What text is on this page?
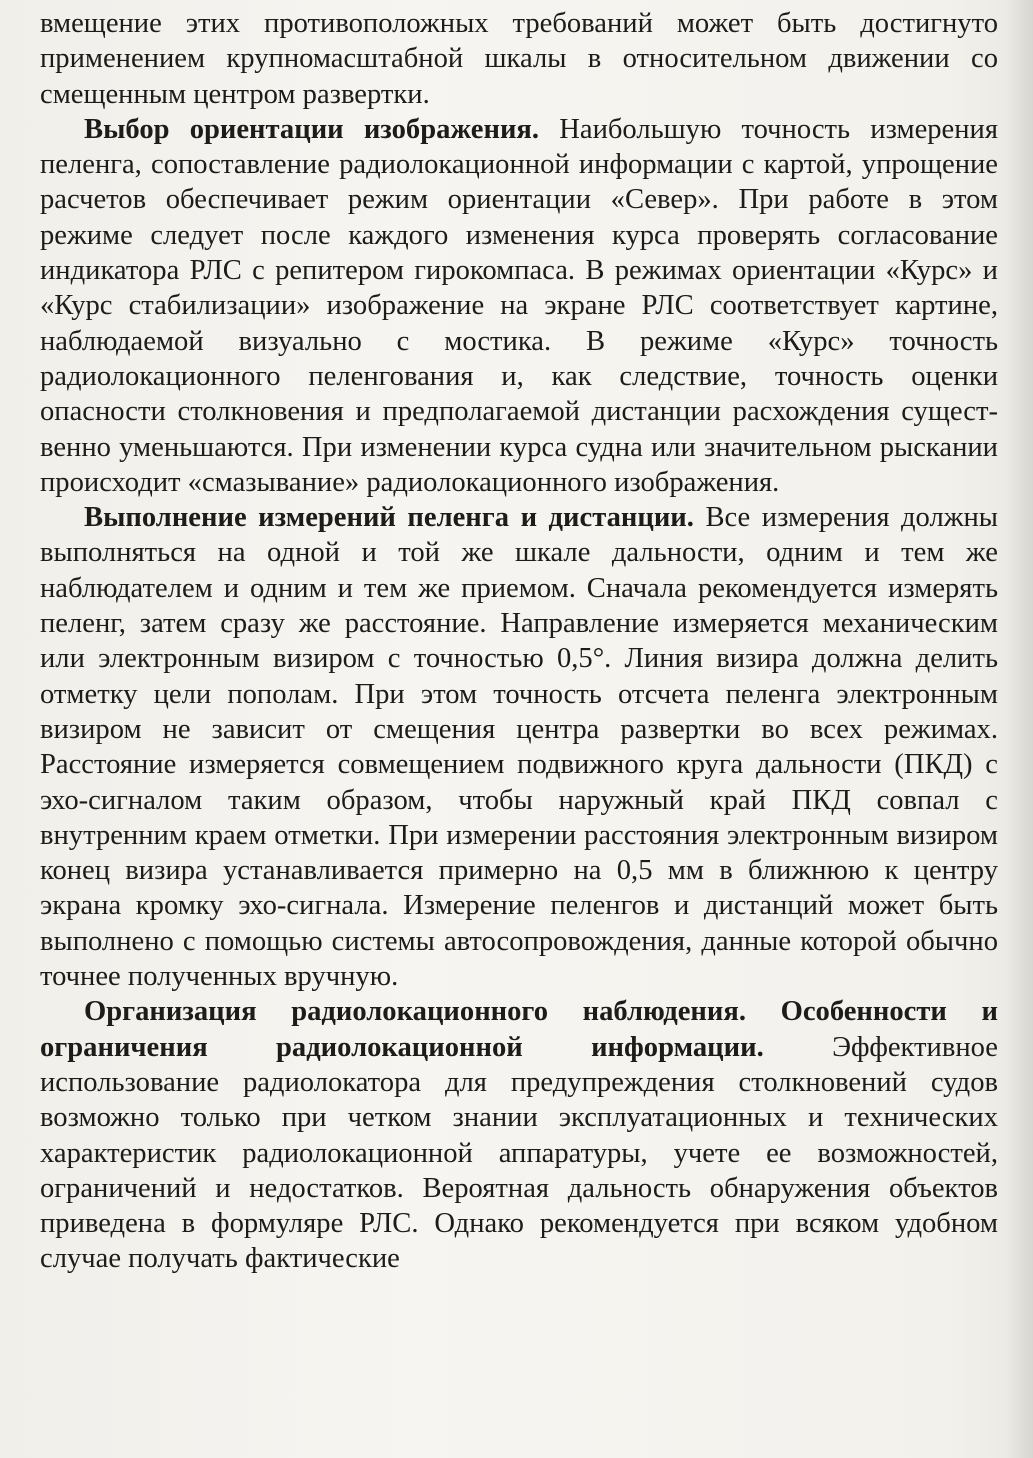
вмещение этих противоположных требований может быть достигнуто применением крупномасштабной шкалы в относительном движении со смещенным центром развертки.

Выбор ориентации изображения. Наибольшую точность измерения пеленга, сопоставление радиолокационной информации с картой, упрощение расчетов обеспечивает режим ориентации «Север». При работе в этом режиме следует после каждого изменения курса проверять согласование индикатора РЛС с репитером гирокомпаса. В режимах ориентации «Курс» и «Курс стабилизации» изображение на экране РЛС соответствует картине, наблюдаемой визуально с мостика. В режиме «Курс» точность радиолокационного пеленгования и, как следствие, точность оценки опасности столкновения и предполагаемой дистанции расхождения существенно уменьшаются. При изменении курса судна или значительном рыскании происходит «смазывание» радиолокационного изображения.

Выполнение измерений пеленга и дистанции. Все измерения должны выполняться на одной и той же шкале дальности, одним и тем же наблюдателем и одним и тем же приемом. Сначала рекомендуется измерять пеленг, затем сразу же расстояние. Направление измеряется механическим или электронным визиром с точностью 0,5°. Линия визира должна делить отметку цели пополам. При этом точность отсчета пеленга электронным визиром не зависит от смещения центра развертки во всех режимах. Расстояние измеряется совмещением подвижного круга дальности (ПКД) с эхо-сигналом таким образом, чтобы наружный край ПКД совпал с внутренним краем отметки. При измерении расстояния электронным визиром конец визира устанавливается примерно на 0,5 мм в ближнюю к центру экрана кромку эхо-сигнала. Измерение пеленгов и дистанций может быть выполнено с помощью системы автосопровождения, данные которой обычно точнее полученных вручную.

Организация радиолокационного наблюдения. Особенности и ограничения радиолокационной информации. Эффективное использование радиолокатора для предупреждения столкновений судов возможно только при четком знании эксплуатационных и технических характеристик радиолокационной аппаратуры, учете ее возможностей, ограничений и недостатков. Вероятная дальность обнаружения объектов приведена в формуляре РЛС. Однако рекомендуется при всяком удобном случае получать фактические
